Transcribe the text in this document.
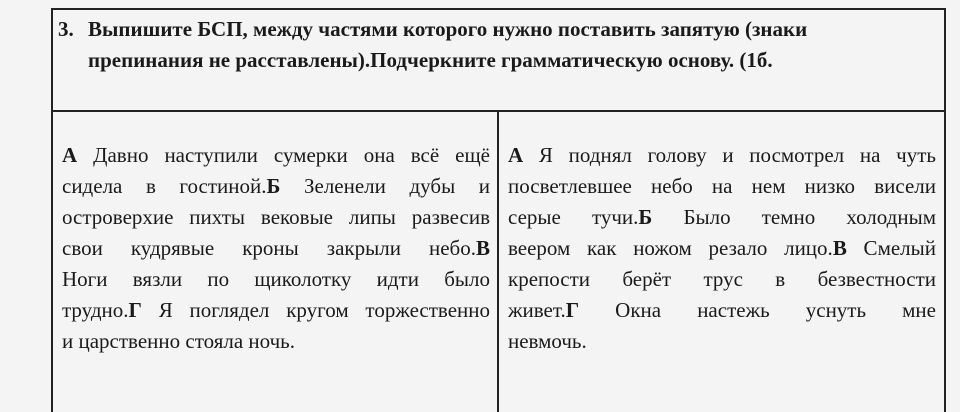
3. Выпишите БСП, между частями которого нужно поставить запятую (знаки
препинания не расставлены).Подчеркните грамматическую основу. (1б.
А Давно наступили сумерки она всё ещё
сидела в гостиной.Б Зеленели дубы и
островерхие пихты вековые липы развесив
свои кудрявые кроны закрыли небо.В
Ноги вязли по щиколотку идти было
трудно.Г Я поглядел кругом торжественно
и царственно стояла ночь.
А Я поднял голову и посмотрел на чуть
посветлевшее небо на нем низко висели
серые тучи.Б Было темно холодным
веером как ножом резало лицо.В Смелый
крепости берёт трус в безвестности
живет.Г Окна настежь уснуть мне
невмочь.
